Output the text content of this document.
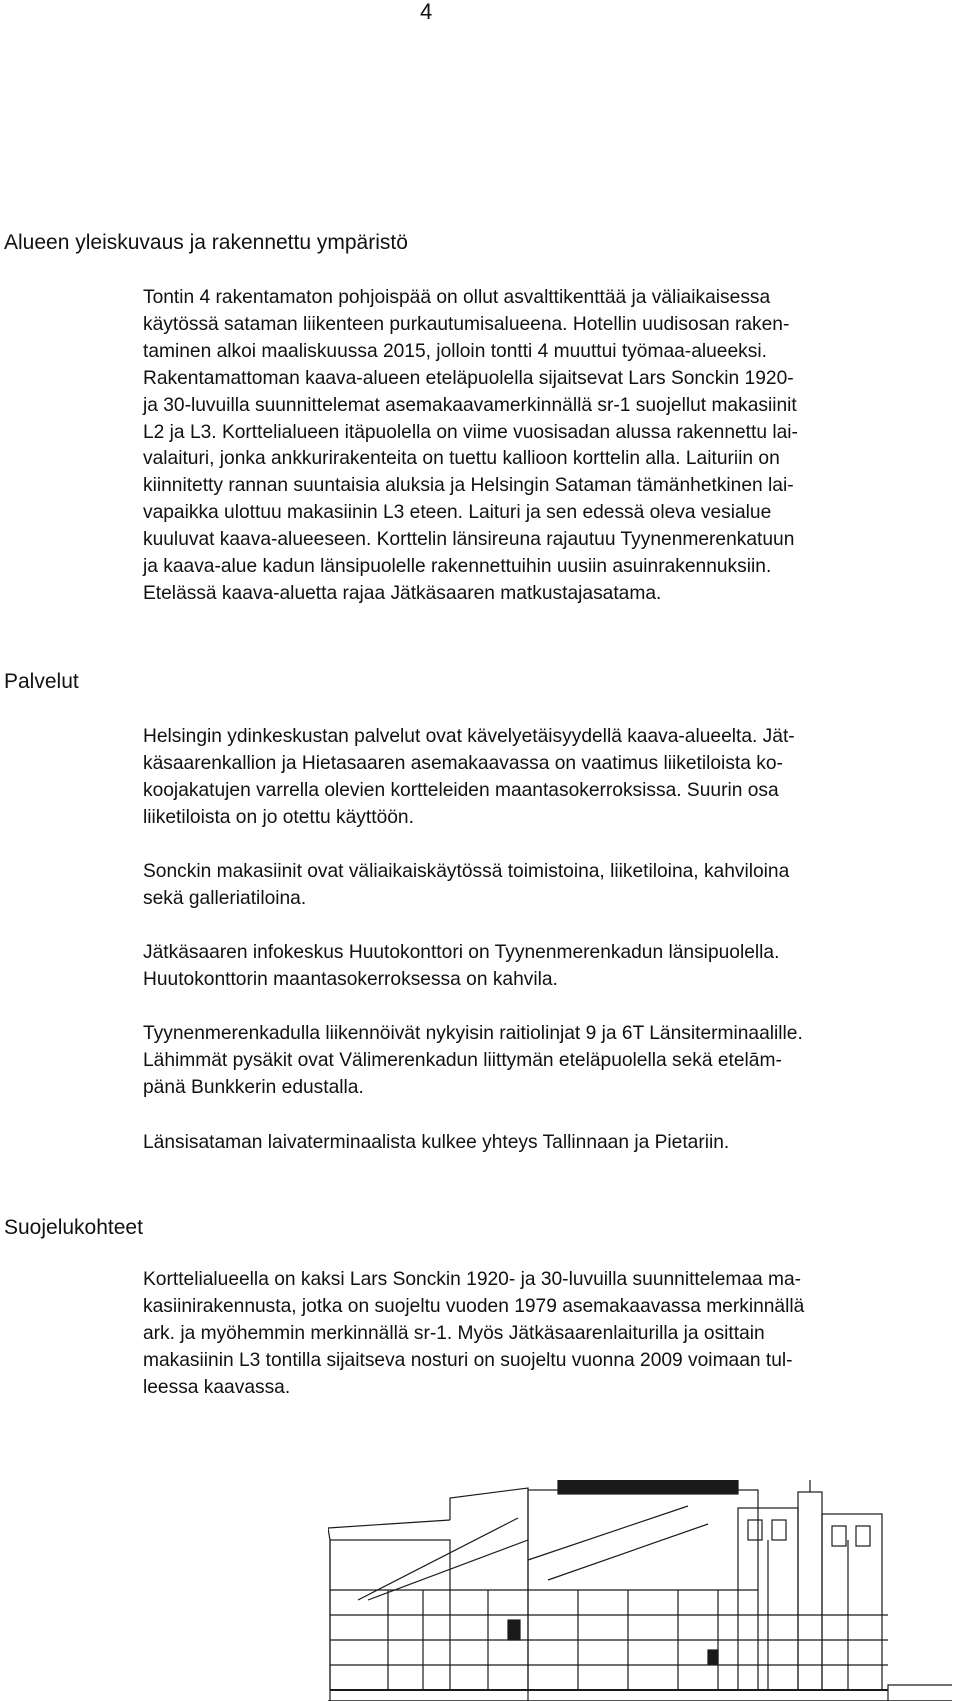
4
Alueen yleiskuvaus ja rakennettu ympäristö

Tontin 4 rakentamaton pohjoispää on ollut asvalttikenttää ja väliaikaisessa

käytössä sataman liikenteen purkautumisalueena. Hotellin uudisosan raken-

taminen alkoi maaliskuussa 2015, jolloin tontti 4 muuttui työmaa-alueeksi.

Rakentamattoman kaava-alueen eteläpuolella sijaitsevat Lars Sonckin 1920-

ja 30-luvuilla suunnittelemat asemakaavamerkinnällä sr-1 suojellut makasiinit

L2 ja L3. Korttelialueen itäpuolella on viime vuosisadan alussa rakennettu lai-

valaituri, jonka ankkurirakenteita on tuettu kallioon korttelin alla. Laituriin on

kiinnitetty rannan suuntaisia aluksia ja Helsingin Sataman tämänhetkinen lai-

vapaikka ulottuu makasiinin L3 eteen. Laituri ja sen edessä oleva vesialue

kuuluvat kaava-alueeseen. Korttelin länsireuna rajautuu Tyynenmerenkatuun

ja kaava-alue kadun länsipuolelle rakennettuihin uusiin asuinrakennuksiin.

Etelässä kaava-aluetta rajaa Jätkäsaaren matkustajasatama.

Palvelut

Helsingin ydinkeskustan palvelut ovat kävelyetäisyydellä kaava-alueelta. Jät-

käsaarenkallion ja Hietasaaren asemakaavassa on vaatimus liiketiloista ko-

koojakatujen varrella olevien kortteleiden maantasokerroksissa. Suurin osa

liiketiloista on jo otettu käyttöön.

Sonckin makasiinit ovat väliaikaiskäytössä toimistoina, liiketiloina, kahviloina

sekä galleriatiloina.

Jätkäsaaren infokeskus Huutokonttori on Tyynenmerenkadun länsipuolella.

Huutokonttorin maantasokerroksessa on kahvila.

Tyynenmerenkadulla liikennöivät nykyisin raitiolinjat 9 ja 6T Länsiterminaalille.

Lähimmät pysäkit ovat Välimerenkadun liittymän eteläpuolella sekä etelām-

pänä Bunkkerin edustalla.

Länsisataman laivaterminaalista kulkee yhteys Tallinnaan ja Pietariin.

Suojelukohteet

Korttelialueella on kaksi Lars Sonckin 1920- ja 30-luvuilla suunnittelemaa ma-

kasiinirakennusta, jotka on suojeltu vuoden 1979 asemakaavassa merkinnällä

ark. ja myöhemmin merkinnällä sr-1. Myös Jätkäsaarenlaiturilla ja osittain

makasiinin L3 tontilla sijaitseva nosturi on suojeltu vuonna 2009 voimaan tul-

leessa kaavassa.
